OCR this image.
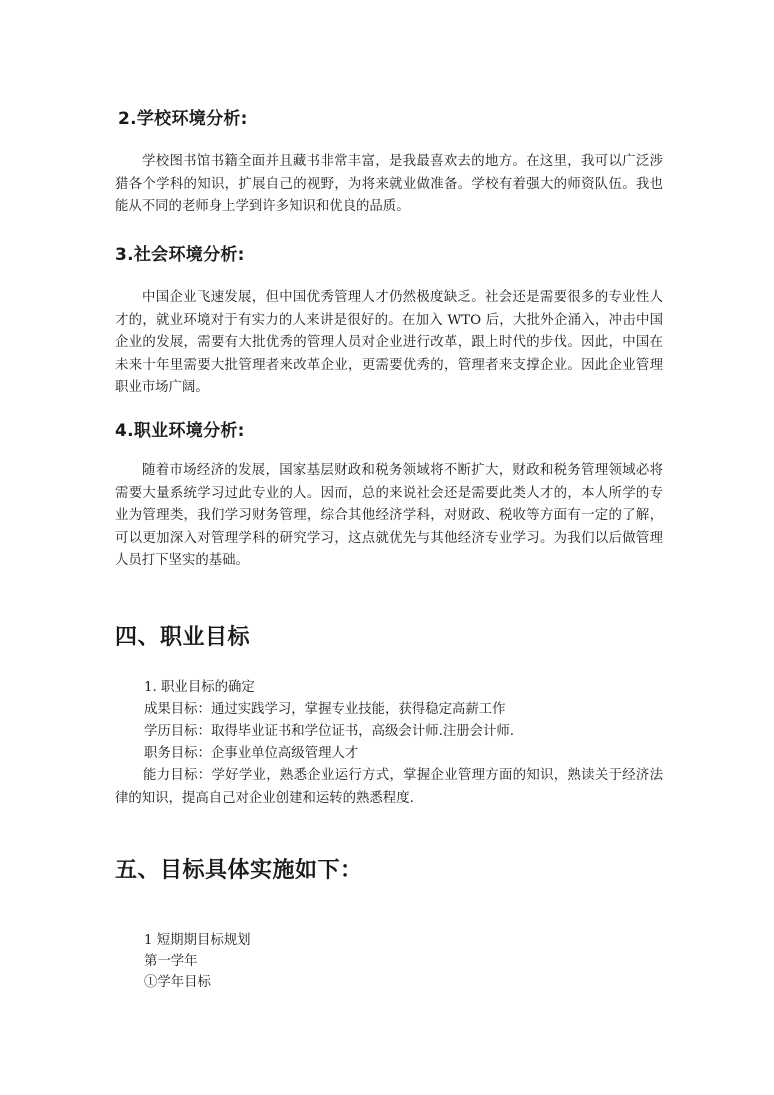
2.学校环境分析:

学校图书馆书籍全面并且藏书非常丰富，是我最喜欢去的地方。在这里，我可以广泛涉猎各个学科的知识，扩展自己的视野，为将来就业做准备。学校有着强大的师资队伍。我也能从不同的老师身上学到许多知识和优良的品质。

3.社会环境分析:

中国企业飞速发展，但中国优秀管理人才仍然极度缺乏。社会还是需要很多的专业性人才的，就业环境对于有实力的人来讲是很好的。在加入 WTO 后，大批外企涌入，冲击中国企业的发展，需要有大批优秀的管理人员对企业进行改革，跟上时代的步伐。因此，中国在未来十年里需要大批管理者来改革企业，更需要优秀的，管理者来支撑企业。因此企业管理职业市场广阔。

4.职业环境分析:

随着市场经济的发展，国家基层财政和税务领域将不断扩大，财政和税务管理领域必将需要大量系统学习过此专业的人。因而，总的来说社会还是需要此类人才的，本人所学的专业为管理类，我们学习财务管理，综合其他经济学科，对财政、税收等方面有一定的了解，可以更加深入对管理学科的研究学习，这点就优先与其他经济专业学习。为我们以后做管理人员打下坚实的基础。

四、职业目标
1. 职业目标的确定
成果目标：通过实践学习，掌握专业技能，获得稳定高薪工作
学历目标：取得毕业证书和学位证书，高级会计师.注册会计师.
职务目标：企事业单位高级管理人才

能力目标：学好学业，熟悉企业运行方式，掌握企业管理方面的知识，熟读关于经济法律的知识，提高自己对企业创建和运转的熟悉程度.

五、目标具体实施如下：
1 短期期目标规划
第一学年
①学年目标
